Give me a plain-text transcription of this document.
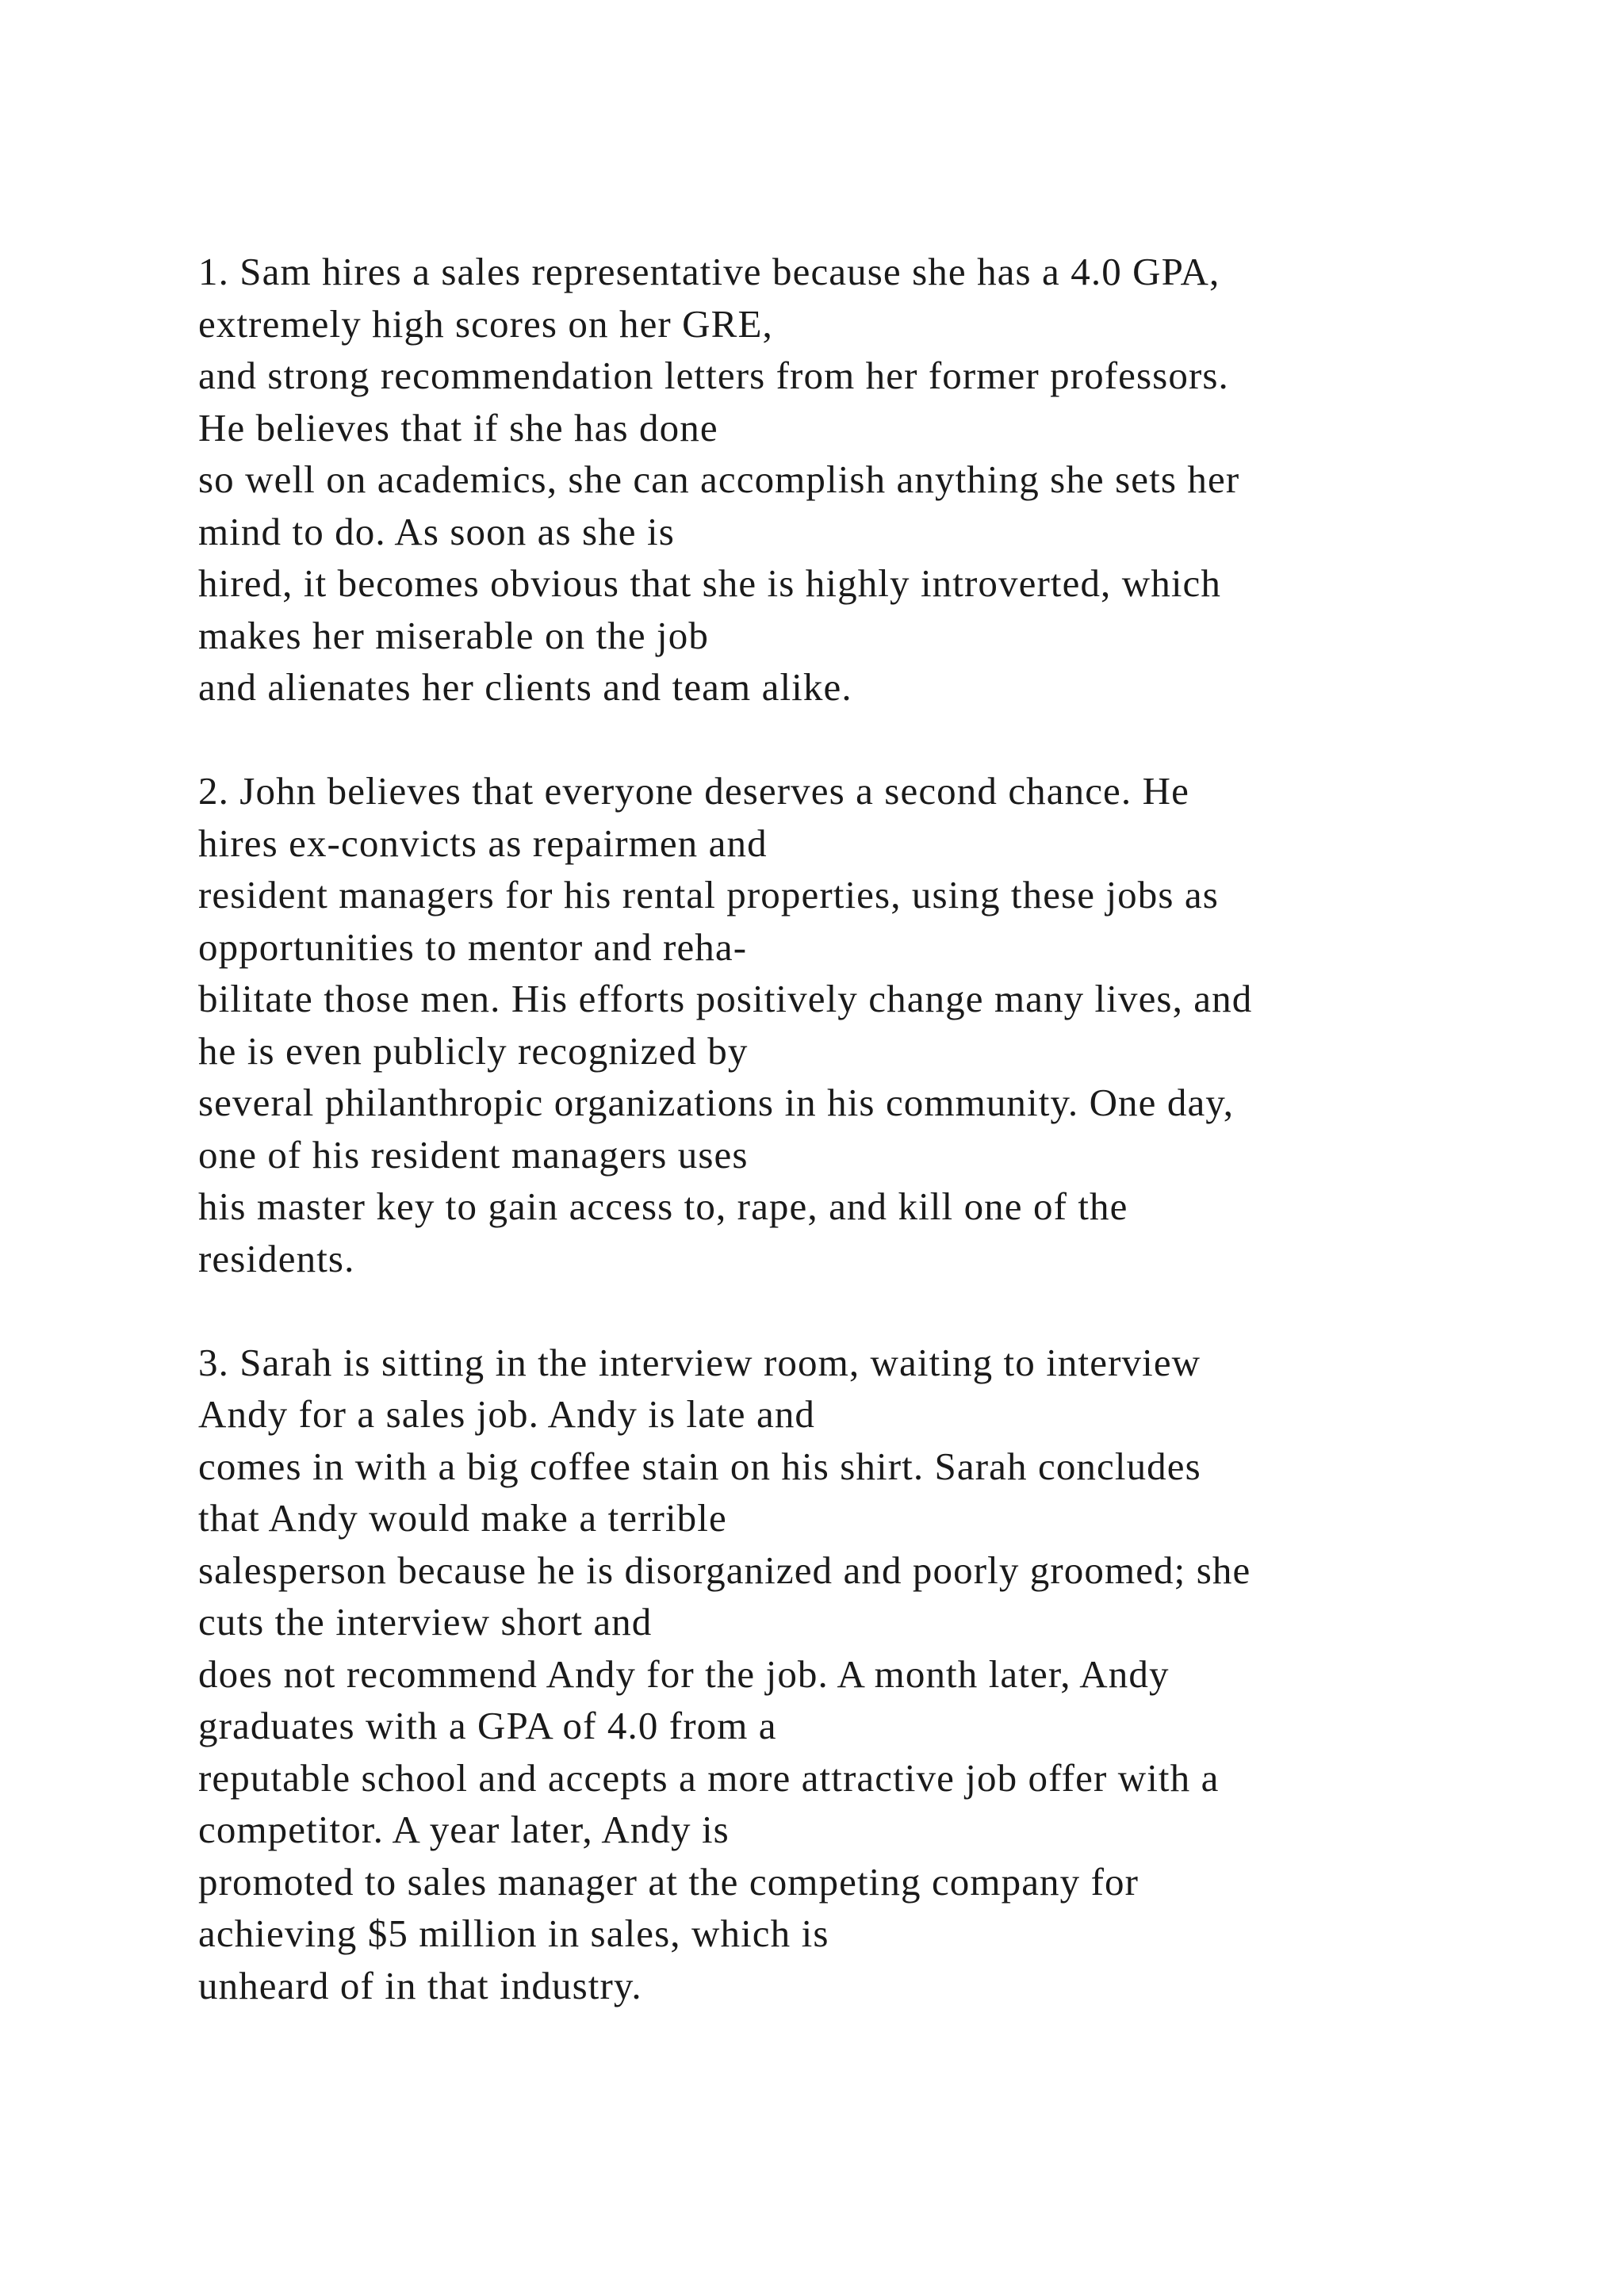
1. Sam hires a sales representative because she has a 4.0 GPA,
extremely high scores on her GRE,
and strong recommendation letters from her former professors.
He believes that if she has done
so well on academics, she can accomplish anything she sets her
mind to do. As soon as she is
hired, it becomes obvious that she is highly introverted, which
makes her miserable on the job
and alienates her clients and team alike.

2. John believes that everyone deserves a second chance. He
hires ex-convicts as repairmen and
resident managers for his rental properties, using these jobs as
opportunities to mentor and reha-
bilitate those men. His efforts positively change many lives, and
he is even publicly recognized by
several philanthropic organizations in his community. One day,
one of his resident managers uses
his master key to gain access to, rape, and kill one of the
residents.

3. Sarah is sitting in the interview room, waiting to interview
Andy for a sales job. Andy is late and
comes in with a big coffee stain on his shirt. Sarah concludes
that Andy would make a terrible
salesperson because he is disorganized and poorly groomed; she
cuts the interview short and
does not recommend Andy for the job. A month later, Andy
graduates with a GPA of 4.0 from a
reputable school and accepts a more attractive job offer with a
competitor. A year later, Andy is
promoted to sales manager at the competing company for
achieving $5 million in sales, which is
unheard of in that industry.
